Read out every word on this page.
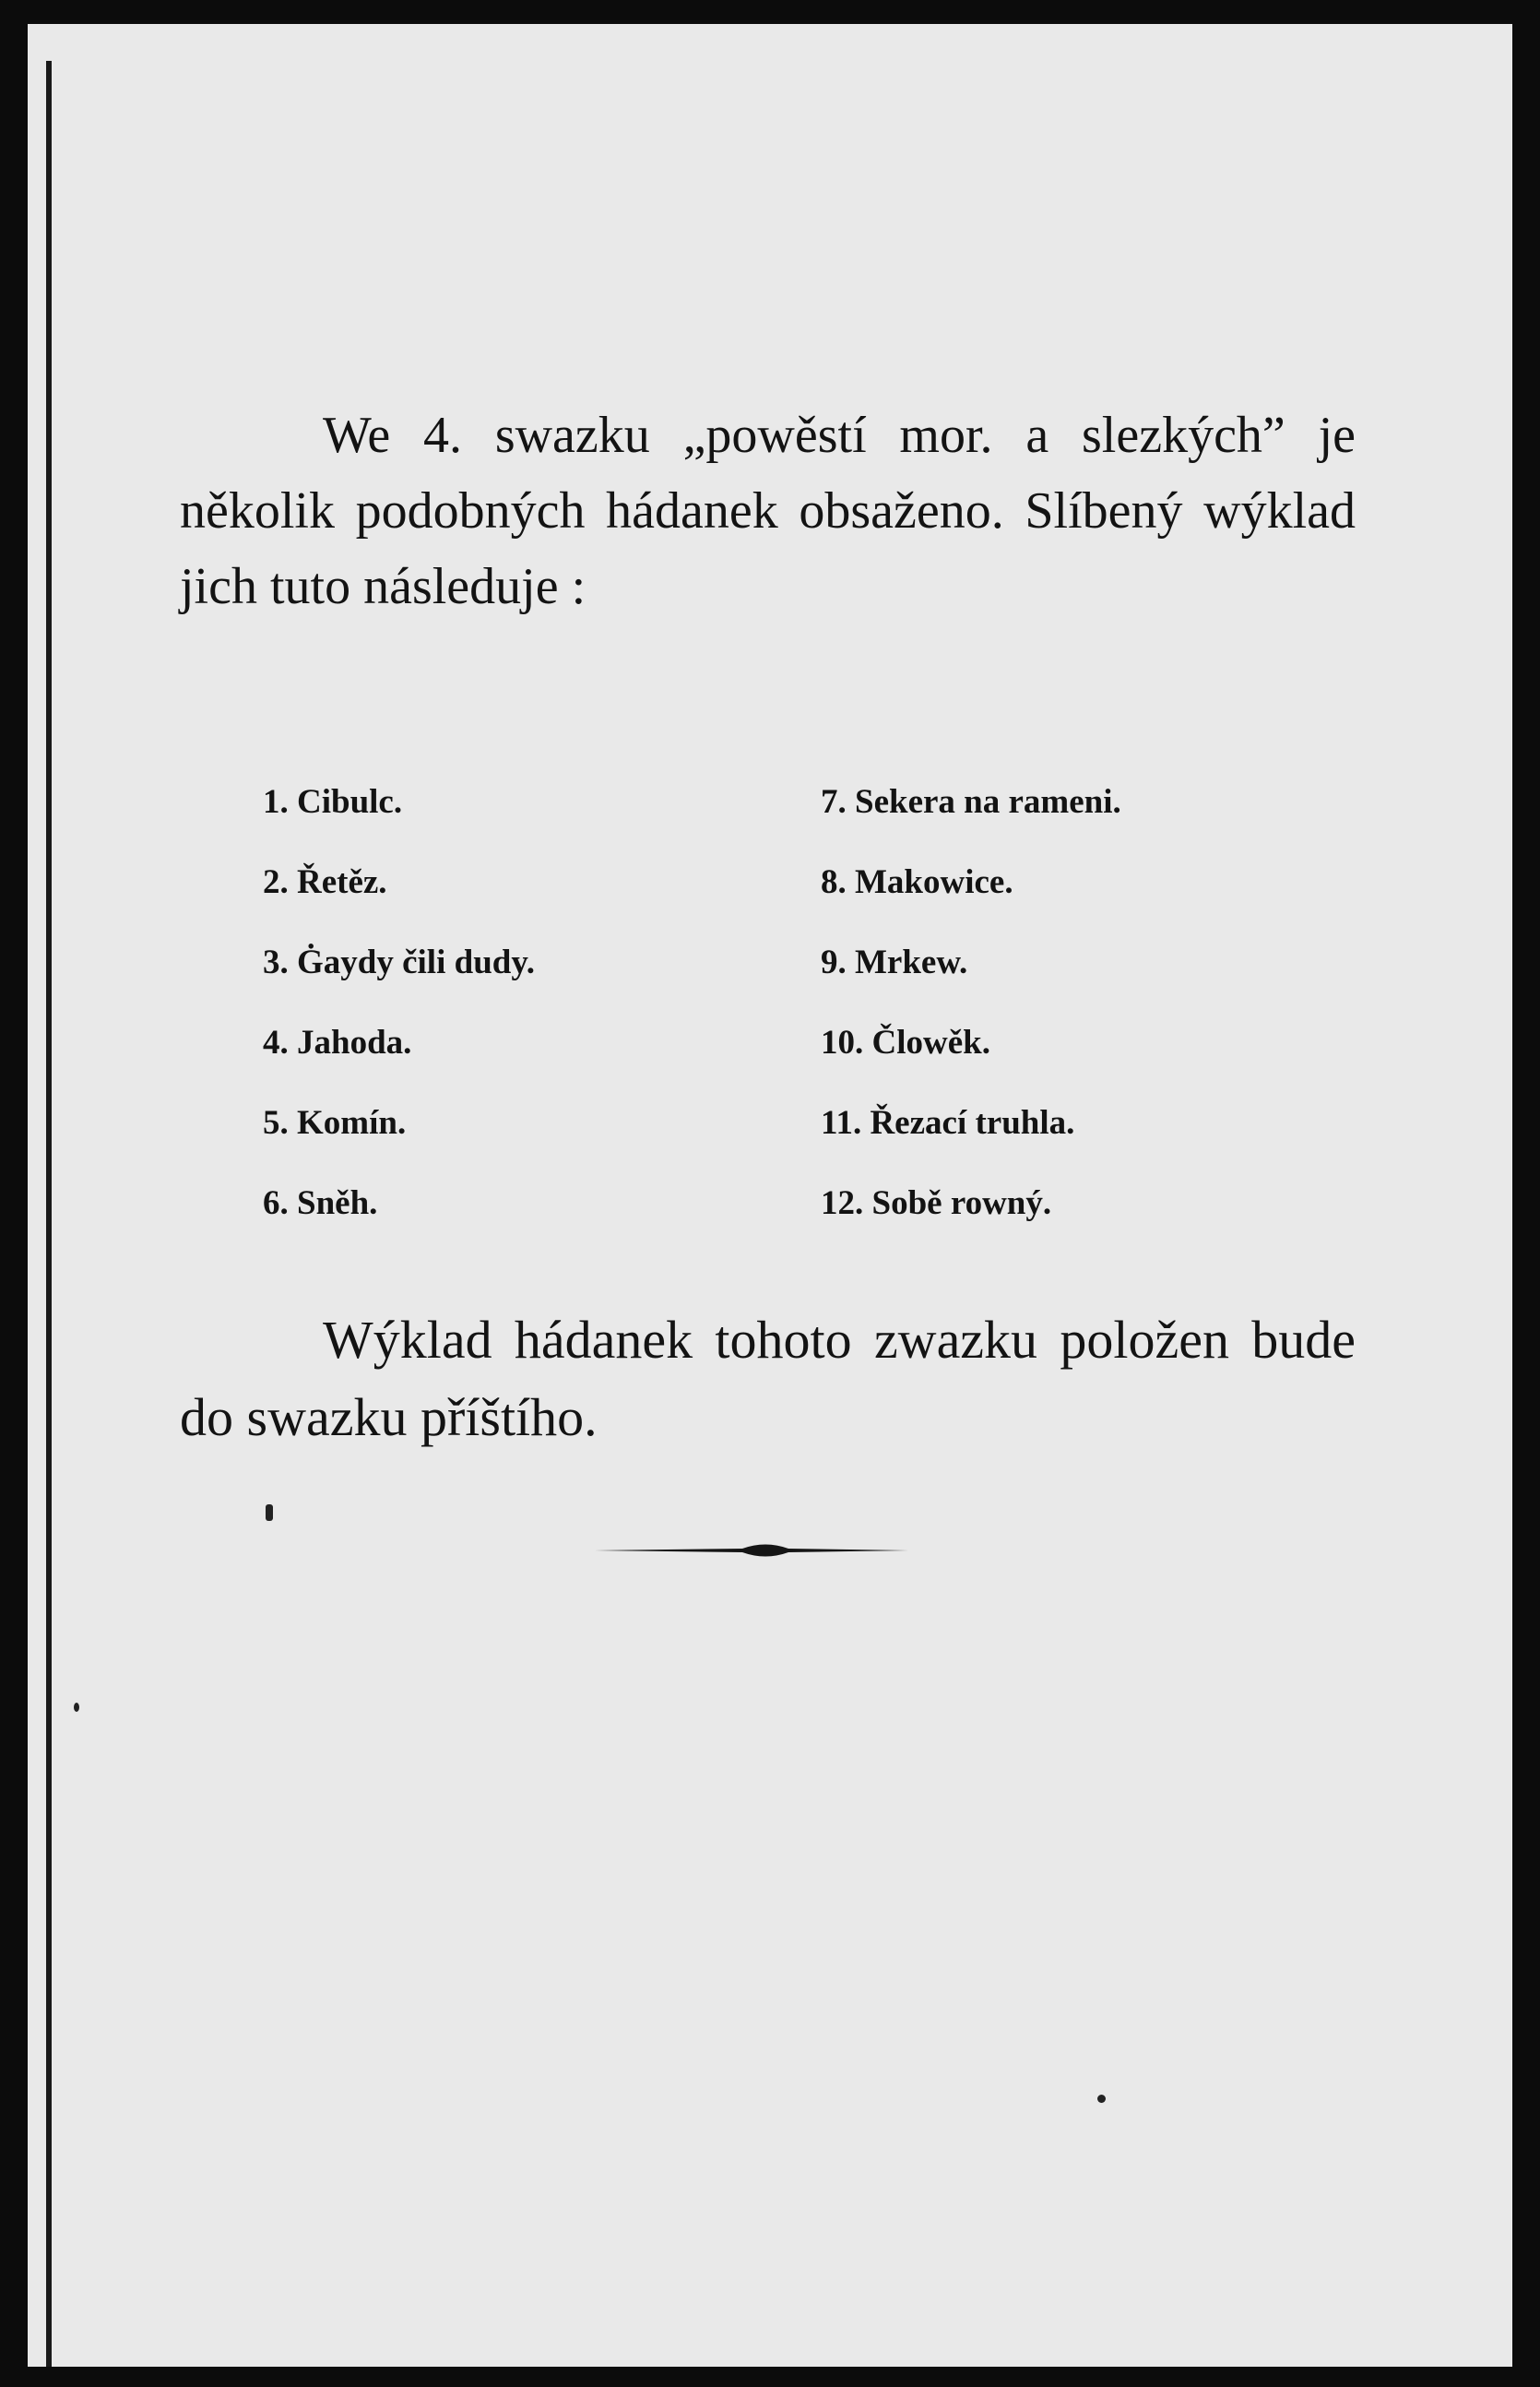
We 4. swazku „powěstí mor. a slezkých” je několik podobných hádanek obsaženo. Slíbený wýklad jich tuto následuje :

1. Cibulc.
2. Řetěz.
3. Ġaydy čili dudy.
4. Jahoda.
5. Komín.
6. Sněh.
7. Sekera na rameni.
8. Makowice.
9. Mrkew.
10. Člowěk.
11. Řezací truhla.
12. Sobě rowný.

Wýklad hádanek tohoto zwazku položen bude do swazku příštího.
